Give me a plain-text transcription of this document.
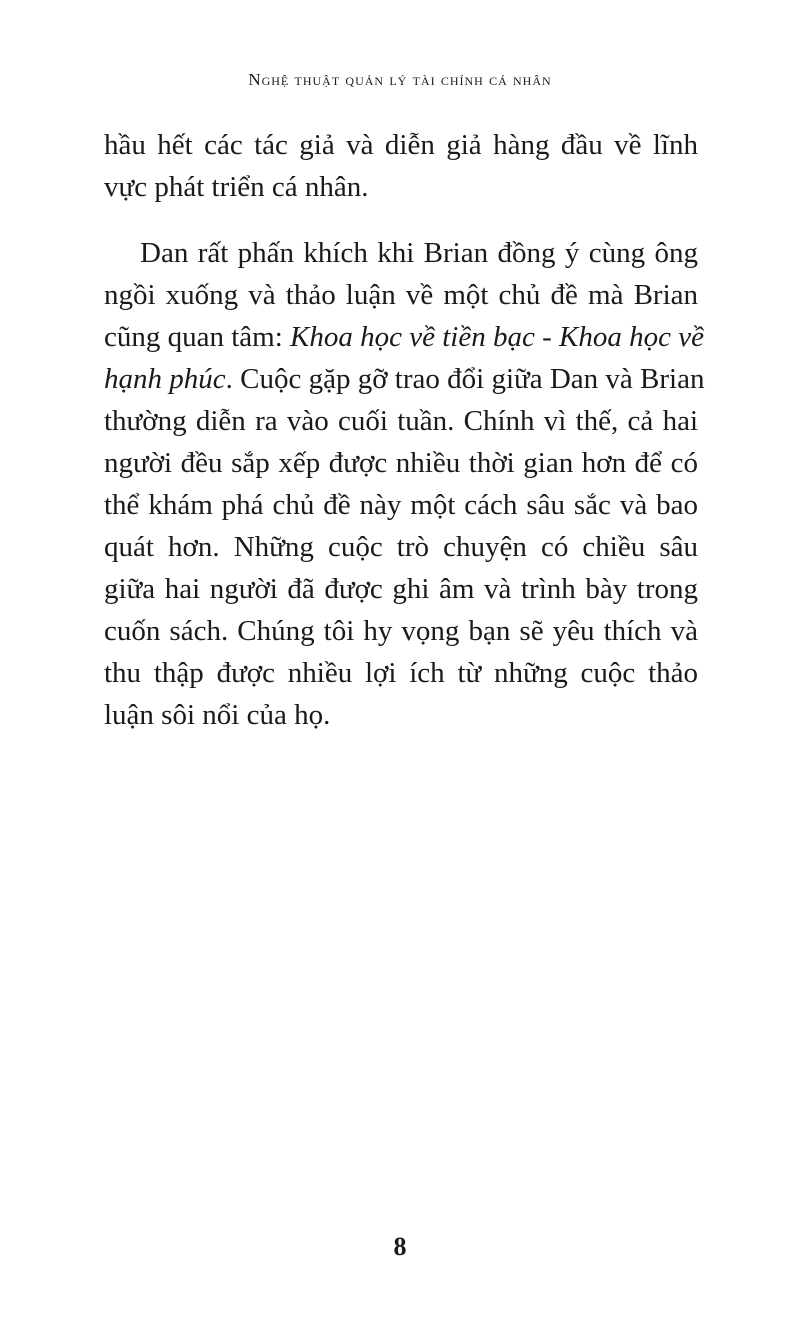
Nghệ thuật quản lý tài chính cá nhân
hầu hết các tác giả và diễn giả hàng đầu về lĩnh
vực phát triển cá nhân.
Dan rất phấn khích khi Brian đồng ý cùng ông
ngồi xuống và thảo luận về một chủ đề mà Brian
cũng quan tâm: Khoa học về tiền bạc - Khoa học về
hạnh phúc. Cuộc gặp gỡ trao đổi giữa Dan và Brian
thường diễn ra vào cuối tuần. Chính vì thế, cả hai
người đều sắp xếp được nhiều thời gian hơn để có
thể khám phá chủ đề này một cách sâu sắc và bao
quát hơn. Những cuộc trò chuyện có chiều sâu
giữa hai người đã được ghi âm và trình bày trong
cuốn sách. Chúng tôi hy vọng bạn sẽ yêu thích và
thu thập được nhiều lợi ích từ những cuộc thảo
luận sôi nổi của họ.
8
